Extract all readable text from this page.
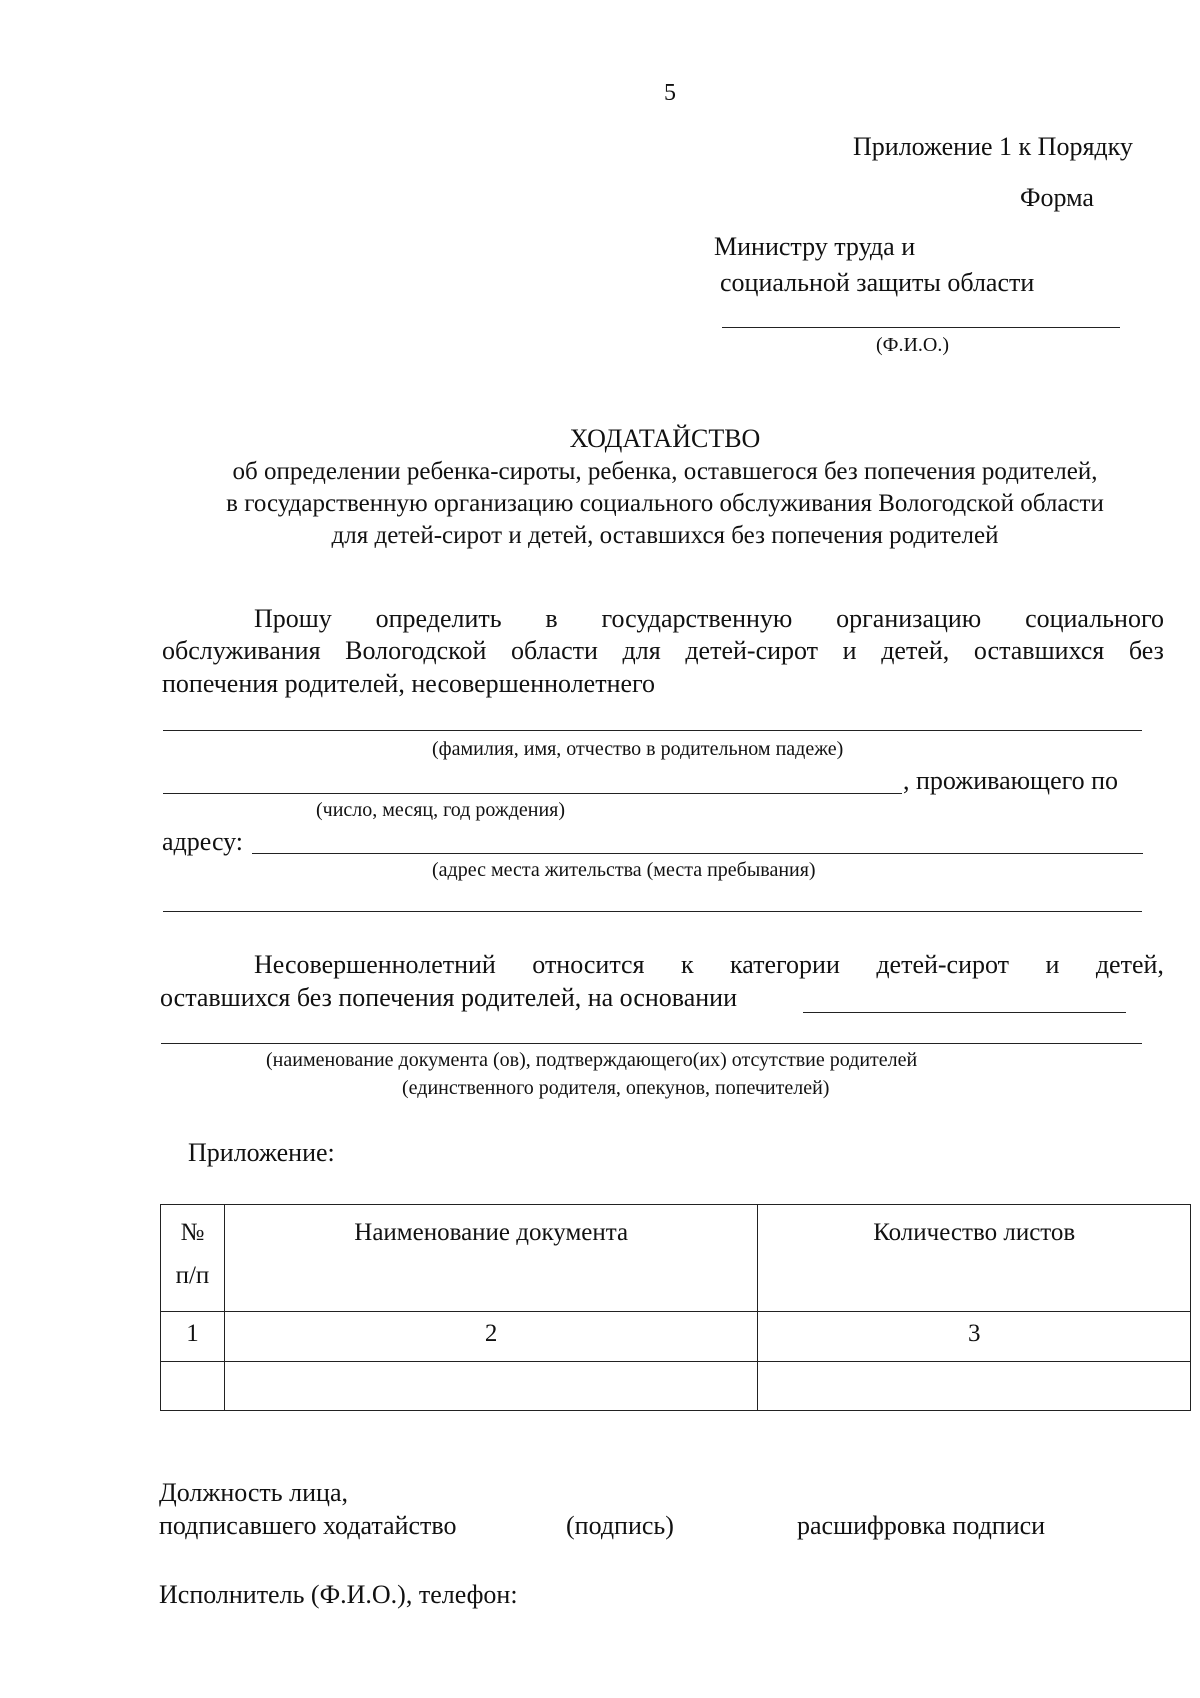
5
Приложение 1 к Порядку
Форма
Министру труда и
социальной защиты области
(Ф.И.О.)
ХОДАТАЙСТВО
об определении ребенка-сироты, ребенка, оставшегося без попечения родителей,
в государственную организацию социального обслуживания Вологодской области
для детей-сирот и детей, оставшихся без попечения родителей
Прошу определить в государственную организацию социального
обслуживания Вологодской области для детей-сирот и детей, оставшихся без
попечения родителей, несовершеннолетнего
(фамилия, имя, отчество в родительном падеже)
, проживающего по
(число, месяц, год рождения)
адресу:
(адрес места жительства (места пребывания)
Несовершеннолетний относится к категории детей-сирот и детей,
оставшихся без попечения родителей, на основании
(наименование документа (ов), подтверждающего(их) отсутствие родителей
(единственного родителя, опекунов, попечителей)
Приложение:
№
п/п	Наименование документа	Количество листов
1	2	3

Должность лица,
подписавшего ходатайство	(подпись)	расшифровка подписи
Исполнитель (Ф.И.О.), телефон:
